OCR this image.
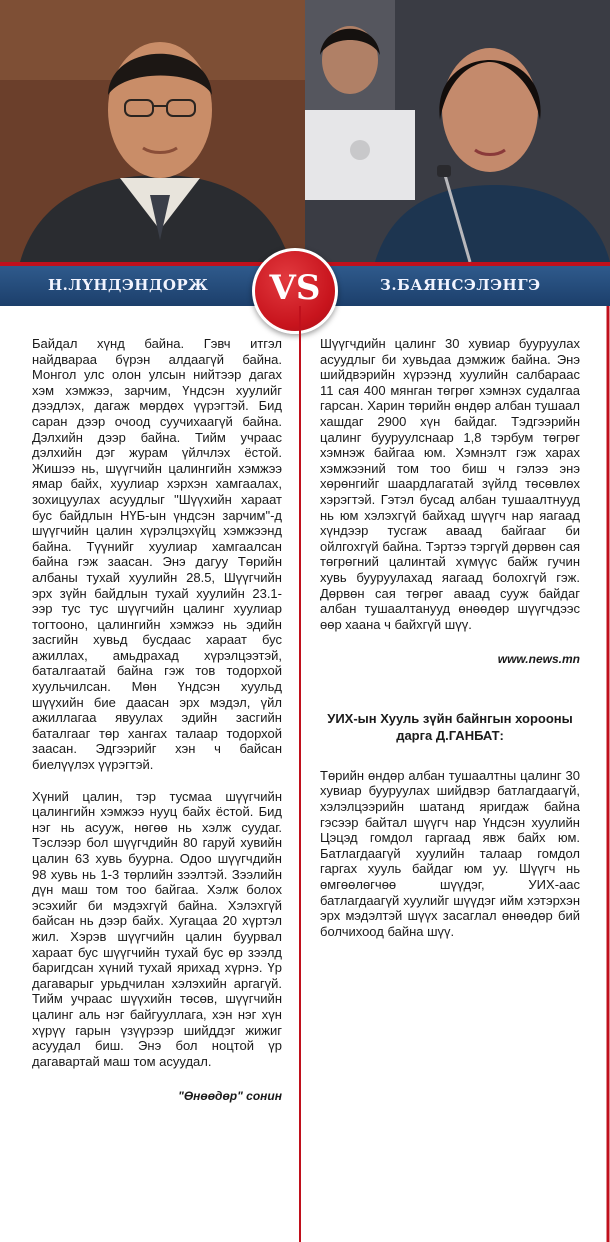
Н.ЛҮНДЭНДОРЖ	З.БАЯНСЭЛЭНГЭ
VS

Байдал хүнд байна. Гэвч итгэл найдвараа бүрэн алдаагүй байна. Монгол улс олон улсын нийтээр дагах хэм хэмжээ, зарчим, Үндсэн хуулийг дээдлэх, дагаж мөрдөх үүрэгтэй. Бид саран дээр очоод суучихаагүй байна. Дэлхийн дээр байна. Тийм учраас дэлхийн дэг журам үйлчлэх ёстой. Жишээ нь, шүүгчийн цалингийн хэмжээ ямар байх, хуулиар хэрхэн хамгаалах, зохицуулах асуудлыг "Шүүхийн хараат бус байдлын НҮБ-ын үндсэн зарчим"-д шүүгчийн цалин хүрэлцэхүйц хэмжээнд байна. Түүнийг хуулиар хамгаалсан байна гэж заасан. Энэ дагуу Төрийн албаны тухай хуулийн 28.5, Шүүгчийн эрх зүйн байдлын тухай хуулийн 23.1-ээр тус тус шүүгчийн цалинг хуулиар тогтооно, цалингийн хэмжээ нь эдийн засгийн хувьд бусдаас хараат бус ажиллах, амьдрахад хүрэлцээтэй, баталгаатай байна гэж тов тодорхой хуульчилсан. Мөн Үндсэн хуульд шүүхийн бие даасан эрх мэдэл, үйл ажиллагаа явуулах эдийн засгийн баталгааг төр хангах талаар тодорхой заасан. Эдгээрийг хэн ч байсан биелүүлэх үүрэгтэй.

Хүний цалин, тэр тусмаа шүүгчийн цалингийн хэмжээ нууц байх ёстой. Бид нэг нь асууж, нөгөө нь хэлж суудаг. Тэслээр бол шүүгчдийн 80 гаруй хувийн цалин 63 хувь буурна. Одоо шүүгчдийн 98 хувь нь 1-3 төрлийн зээлтэй. Зээлийн дүн маш том тоо байгаа. Хэлж болох эсэхийг би мэдэхгүй байна. Хэлэхгүй байсан нь дээр байх. Хугацаа 20 хүртэл жил. Хэрэв шүүгчийн цалин буурвал хараат бус шүүгчийн тухай бус өр зээлд баригдсан хүний тухай ярихад хүрнэ. Үр дагаварыг урьдчилан хэлэхийн аргагүй. Тийм учраас шүүхийн төсөв, шүүгчийн цалинг аль нэг байгууллага, хэн нэг хүн хүрүү гарын үзүүрээр шийддэг жижиг асуудал биш. Энэ бол ноцтой үр дагавартай маш том асуудал.

"Өнөөдөр" сонин

Шүүгчдийн цалинг 30 хувиар бууруулах асуудлыг би хувьдаа дэмжиж байна. Энэ шийдвэрийн хүрээнд хуулийн салбараас 11 сая 400 мянган төгрөг хэмнэх судалгаа гарсан. Харин төрийн өндөр албан тушаал хашдаг 2900 хүн байдаг. Тэдгээрийн цалинг бууруулснаар 1,8 тэрбум төгрөг хэмнэж байгаа юм. Хэмнэлт гэж харах хэмжээний том тоо биш ч гэлээ энэ хөрөнгийг шаардлагатай зүйлд төсөвлөх хэрэгтэй. Гэтэл бусад албан тушаалтнууд нь юм хэлэхгүй байхад шүүгч нар яагаад хүндээр тусгаж аваад байгааг би ойлгохгүй байна. Тэртээ тэргүй дөрвөн сая төгрөгний цалинтай хүмүүс байж гучин хувь бууруулахад яагаад болохгүй гэж. Дөрвөн сая төгрөг аваад сууж байдаг албан тушаалтанууд өнөөдөр шүүгчдээс өөр хаана ч байхгүй шүү.

www.news.mn

УИХ-ын Хууль зүйн байнгын хорооны дарга Д.ГАНБАТ:

Төрийн өндөр албан тушаалтны цалинг 30 хувиар бууруулах шийдвэр батлагдаагүй, хэлэлцээрийн шатанд яригдаж байна гэсээр байтал шүүгч нар Үндсэн хуулийн Цэцэд гомдол гаргаад явж байх юм. Батлагдаагүй хуулийн талаар гомдол гаргах хууль байдаг юм уу. Шүүгч нь өмгөөлөгчөө шүүдэг, УИХ-аас батлагдаагүй хуулийг шүүдэг ийм хэтэрхэн эрх мэдэлтэй шүүх засаглал өнөөдөр бий болчихоод байна шүү.
